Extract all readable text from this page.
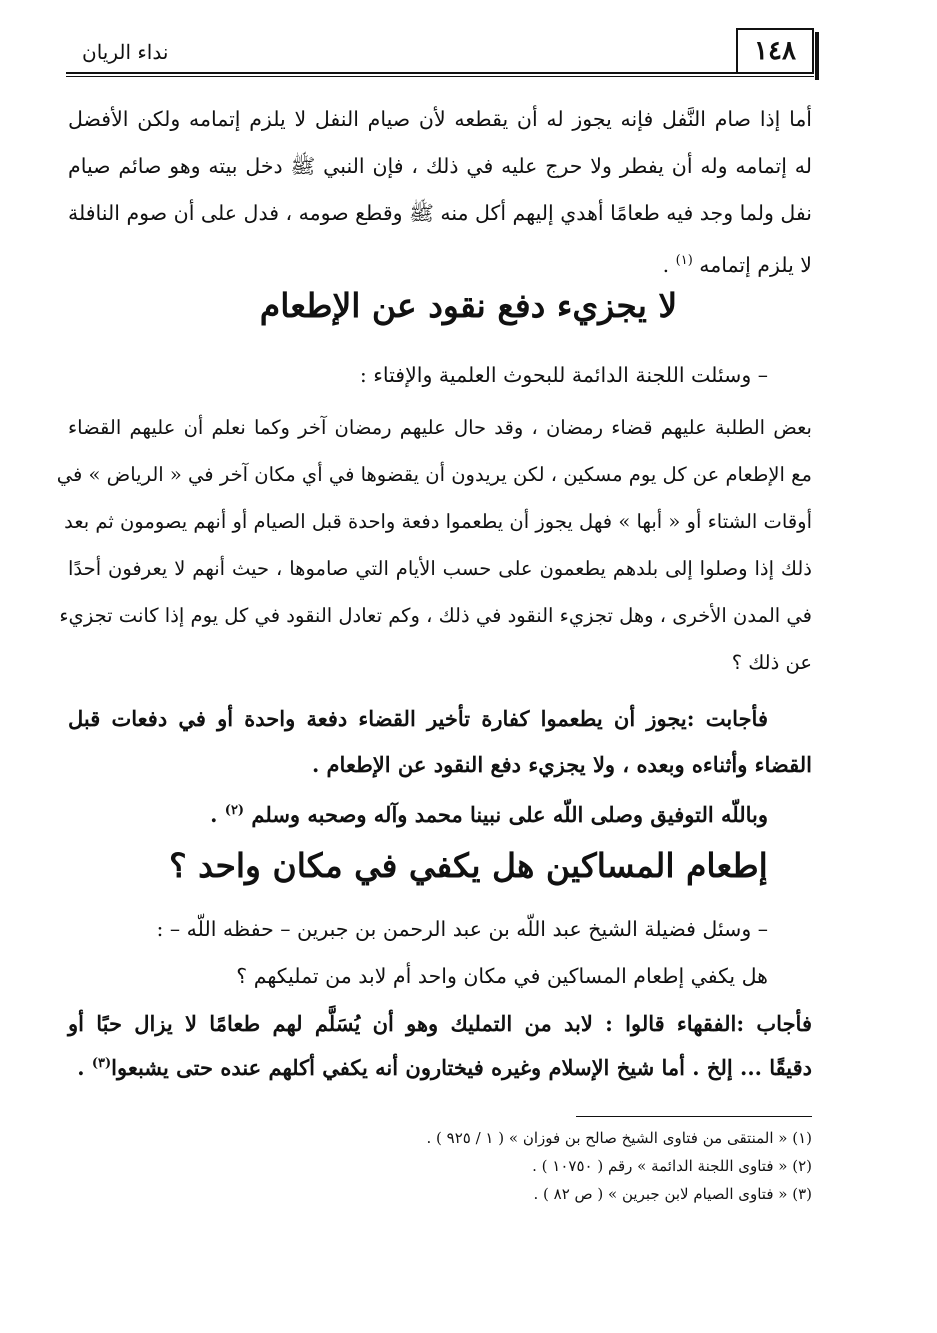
نداء الريان	١٤٨

أما إذا صام النَّفل فإنه يجوز له أن يقطعه لأن صيام النفل لا يلزم إتمامه ولكن الأفضل

له إتمامه وله أن يفطر ولا حرج عليه في ذلك ، فإن النبي ﷺ دخل بيته وهو صائم صيام

نفل ولما وجد فيه طعامًا أهدي إليهم أكل منه ﷺ وقطع صومه ، فدل على أن صوم النافلة

لا يلزم إتمامه $^{(١)}$ .

لا يجزيء دفع نقود عن الإطعام

– وسئلت اللجنة الدائمة للبحوث العلمية والإفتاء :

بعض الطلبة عليهم قضاء رمضان ، وقد حال عليهم رمضان آخر وكما نعلم أن عليهم القضاء

مع الإطعام عن كل يوم مسكين ، لكن يريدون أن يقضوها في أي مكان آخر في « الرياض » في

أوقات الشتاء أو « أبها » فهل يجوز أن يطعموا دفعة واحدة قبل الصيام أو أنهم يصومون ثم بعد

ذلك إذا وصلوا إلى بلدهم يطعمون على حسب الأيام التي صاموها ، حيث أنهم لا يعرفون أحدًا

في المدن الأخرى ، وهل تجزيء النقود في ذلك ، وكم تعادل النقود في كل يوم إذا كانت تجزيء

عن ذلك ؟

فأجابت :يجوز أن يطعموا كفارة تأخير القضاء دفعة واحدة أو في دفعات قبل

القضاء وأثناءه وبعده ، ولا يجزيء دفع النقود عن الإطعام .

وباللّه التوفيق وصلى اللّه على نبينا محمد وآله وصحبه وسلم $^{(٢)}$ .

إطعام المساكين هل يكفي في مكان واحد ؟

– وسئل فضيلة الشيخ عبد اللّه بن عبد الرحمن بن جبرين – حفظه اللّه – :

هل يكفي إطعام المساكين في مكان واحد أم لابد من تمليكهم ؟

فأجاب :الفقهاء قالوا : لابد من التمليك وهو أن يُسَلَّم لهم طعامًا لا يزال حبًا أو

دقيقًا ... إلخ . أما شيخ الإسلام وغيره فيختارون أنه يكفي أكلهم عنده حتى يشبعوا$^{(٣)}$ .

(١) « المنتقى من فتاوى الشيخ صالح بن فوزان » ( ١ / ٩٢٥ ) .

(٢) « فتاوى اللجنة الدائمة » رقم ( ١٠٧٥٠ ) .

(٣) « فتاوى الصيام لابن جبرين » ( ص ٨٢ ) .
